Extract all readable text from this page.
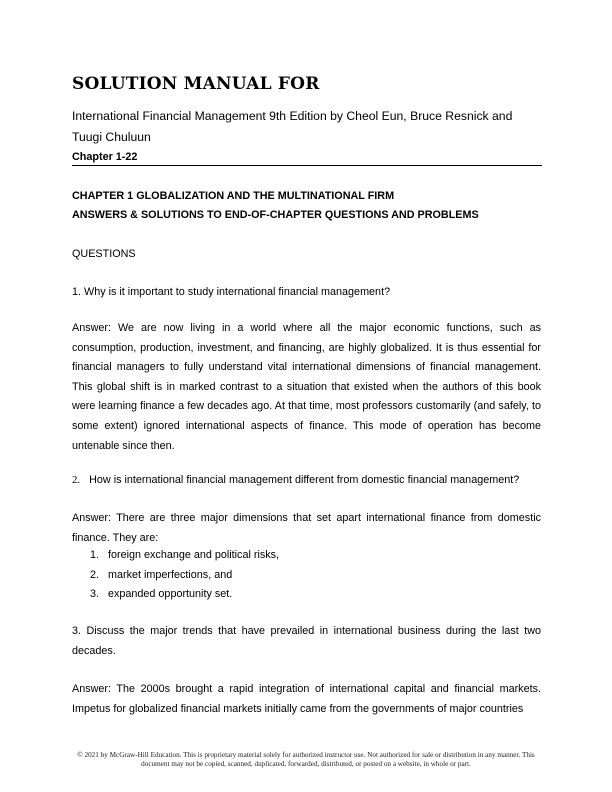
SOLUTION MANUAL FOR

International Financial Management 9th Edition by Cheol Eun, Bruce Resnick and Tuugi Chuluun

Chapter 1-22

CHAPTER 1 GLOBALIZATION AND THE MULTINATIONAL FIRM

ANSWERS & SOLUTIONS TO END-OF-CHAPTER QUESTIONS AND PROBLEMS

QUESTIONS

1. Why is it important to study international financial management?

Answer: We are now living in a world where all the major economic functions, such as consumption, production, investment, and financing, are highly globalized. It is thus essential for financial managers to fully understand vital international dimensions of financial management. This global shift is in marked contrast to a situation that existed when the authors of this book were learning finance a few decades ago. At that time, most professors customarily (and safely, to some extent) ignored international aspects of finance. This mode of operation has become untenable since then.

2. How is international financial management different from domestic financial management?

Answer: There are three major dimensions that set apart international finance from domestic finance. They are:

1. foreign exchange and political risks,
2. market imperfections, and
3. expanded opportunity set.

3. Discuss the major trends that have prevailed in international business during the last two decades.

Answer: The 2000s brought a rapid integration of international capital and financial markets. Impetus for globalized financial markets initially came from the governments of major countries

© 2021 by McGraw-Hill Education. This is proprietary material solely for authorized instructor use. Not authorized for sale or distribution in any manner. This document may not be copied, scanned, duplicated, forwarded, distributed, or posted on a website, in whole or part.
